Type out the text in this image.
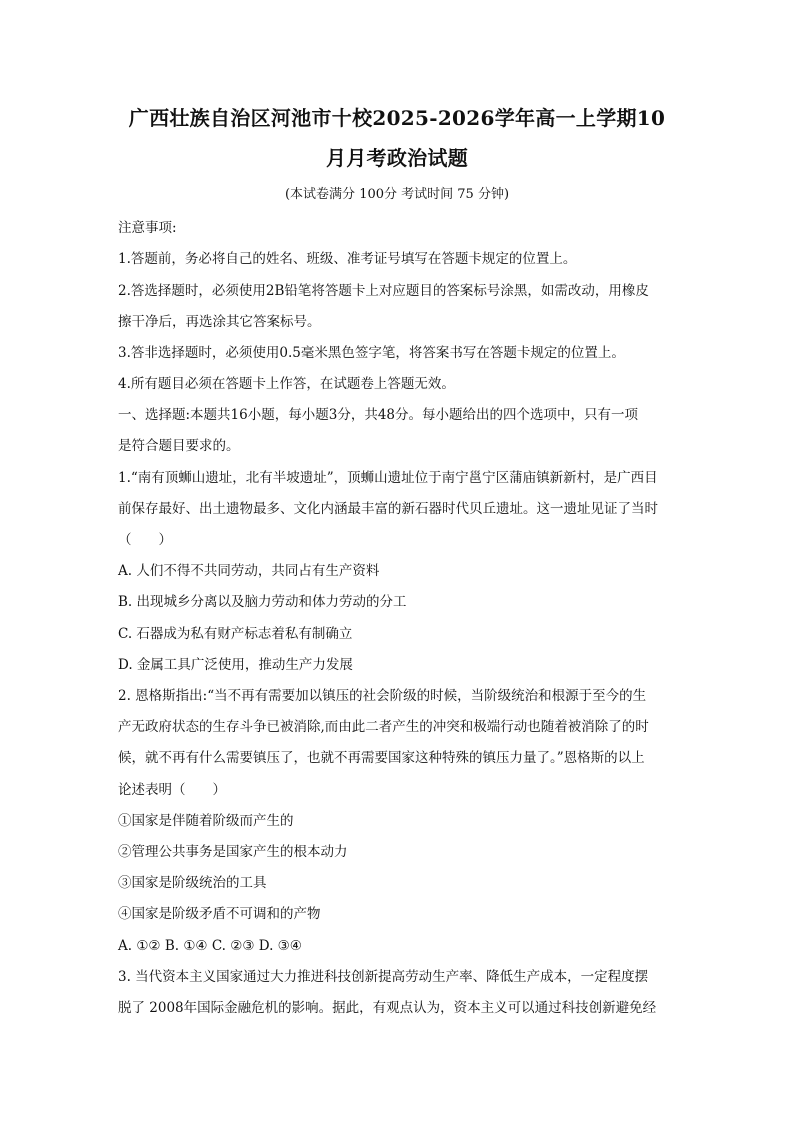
广西壮族自治区河池市十校2025-2026学年高一上学期10
月月考政治试题
(本试卷满分 100分 考试时间 75 分钟)
注意事项:
1.答题前，务必将自己的姓名、班级、准考证号填写在答题卡规定的位置上。
2.答选择题时，必须使用2B铅笔将答题卡上对应题目的答案标号涂黑，如需改动，用橡皮
擦干净后，再选涂其它答案标号。
3.答非选择题时，必须使用0.5毫米黑色签字笔，将答案书写在答题卡规定的位置上。
4.所有题目必须在答题卡上作答，在试题卷上答题无效。
一、选择题:本题共16小题，每小题3分，共48分。每小题给出的四个选项中，只有一项
是符合题目要求的。
1.“南有顶蛳山遗址，北有半坡遗址”，顶蛳山遗址位于南宁邕宁区蒲庙镇新新村，是广西目
前保存最好、出土遗物最多、文化内涵最丰富的新石器时代贝丘遗址。这一遗址见证了当时
（　　）
A. 人们不得不共同劳动，共同占有生产资料
B. 出现城乡分离以及脑力劳动和体力劳动的分工
C. 石器成为私有财产标志着私有制确立
D. 金属工具广泛使用，推动生产力发展
2. 恩格斯指出:“当不再有需要加以镇压的社会阶级的时候，当阶级统治和根源于至今的生
产无政府状态的生存斗争已被消除,而由此二者产生的冲突和极端行动也随着被消除了的时
候，就不再有什么需要镇压了，也就不再需要国家这种特殊的镇压力量了。”恩格斯的以上
论述表明（　　）
①国家是伴随着阶级而产生的
②管理公共事务是国家产生的根本动力
③国家是阶级统治的工具
④国家是阶级矛盾不可调和的产物
A. ①② B. ①④ C. ②③ D. ③④
3. 当代资本主义国家通过大力推进科技创新提高劳动生产率、降低生产成本，一定程度摆
脱了 2008年国际金融危机的影响。据此，有观点认为，资本主义可以通过科技创新避免经
